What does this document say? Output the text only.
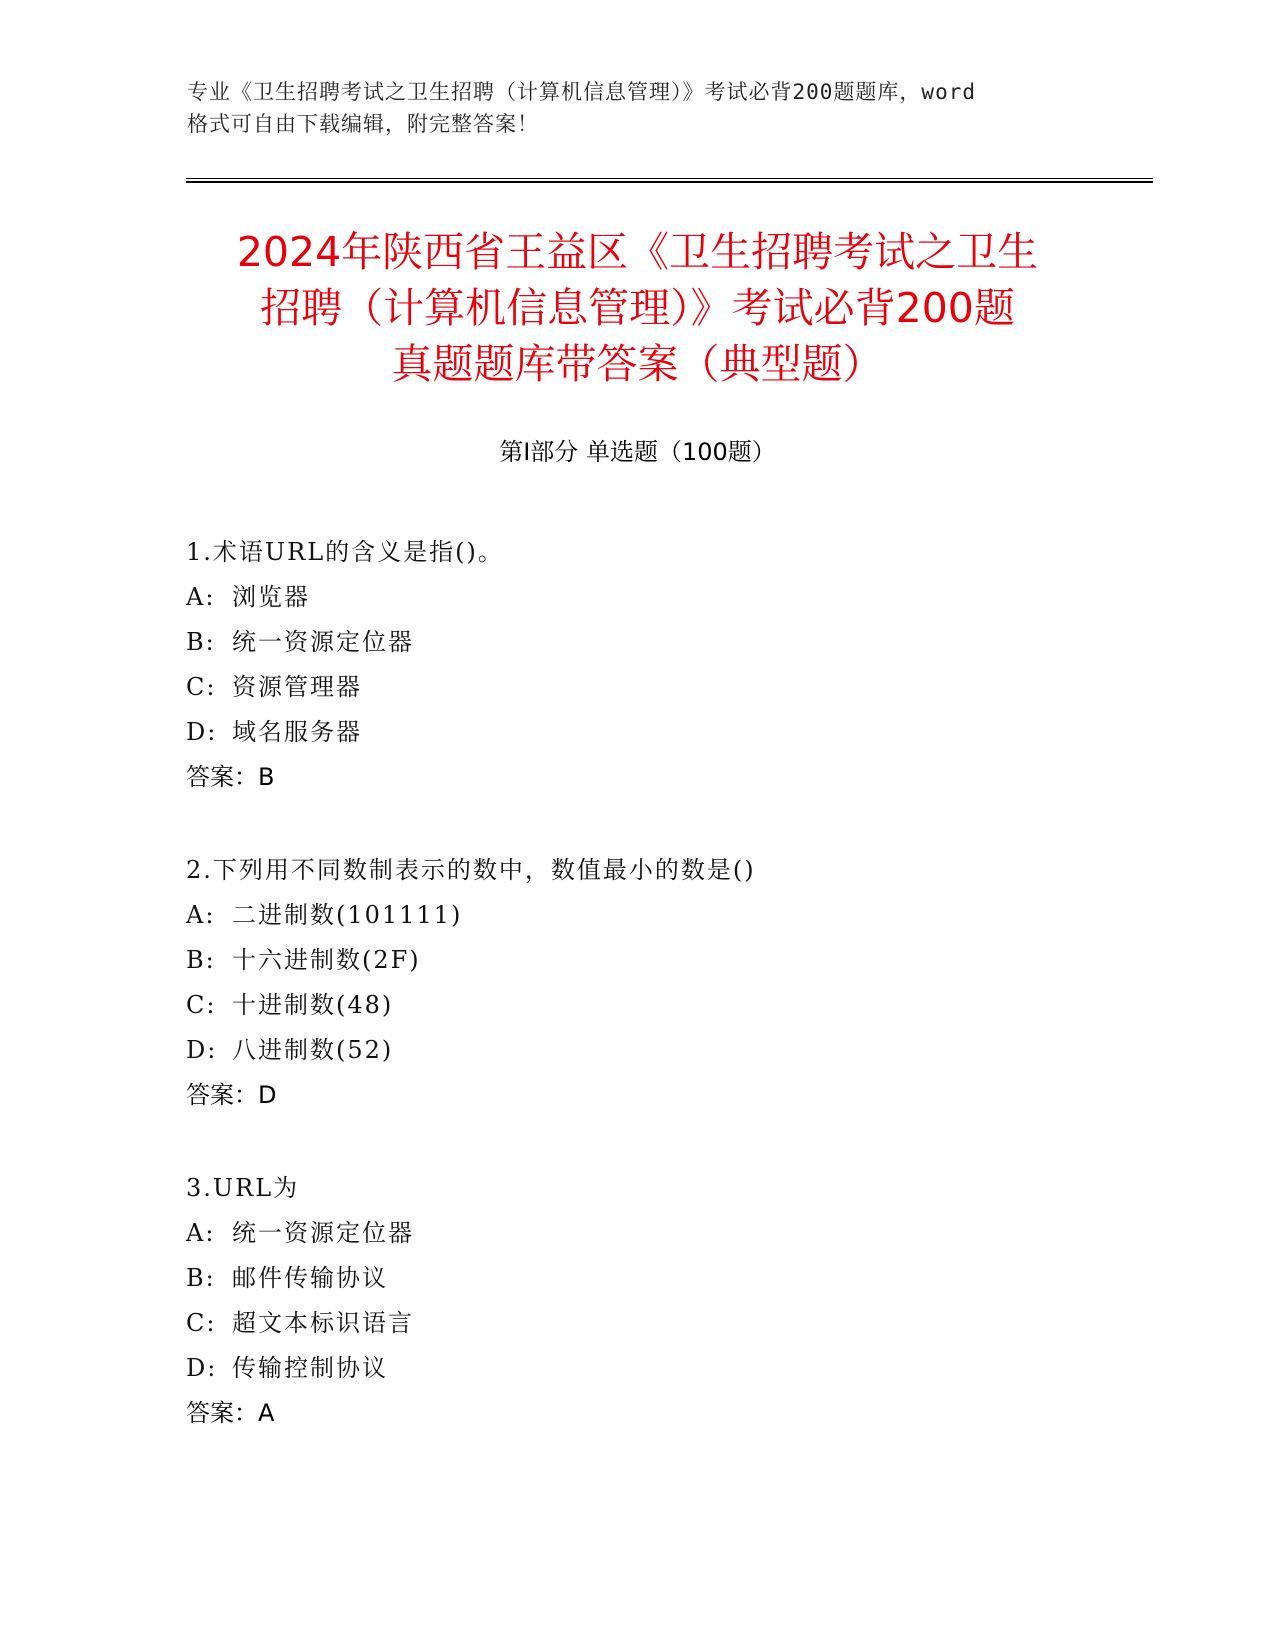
专业《卫生招聘考试之卫生招聘（计算机信息管理）》考试必背200题题库，word
格式可自由下载编辑，附完整答案！
2024年陕西省王益区《卫生招聘考试之卫生
招聘（计算机信息管理）》考试必背200题
真题题库带答案（典型题）
第Ⅰ部分 单选题（100题）
1.术语URL的含义是指()。
A: 浏览器
B: 统一资源定位器
C: 资源管理器
D: 域名服务器
答案：B
2.下列用不同数制表示的数中，数值最小的数是()
A: 二进制数(101111)
B: 十六进制数(2F)
C: 十进制数(48)
D: 八进制数(52)
答案：D
3.URL为
A: 统一资源定位器
B: 邮件传输协议
C: 超文本标识语言
D: 传输控制协议
答案：A
